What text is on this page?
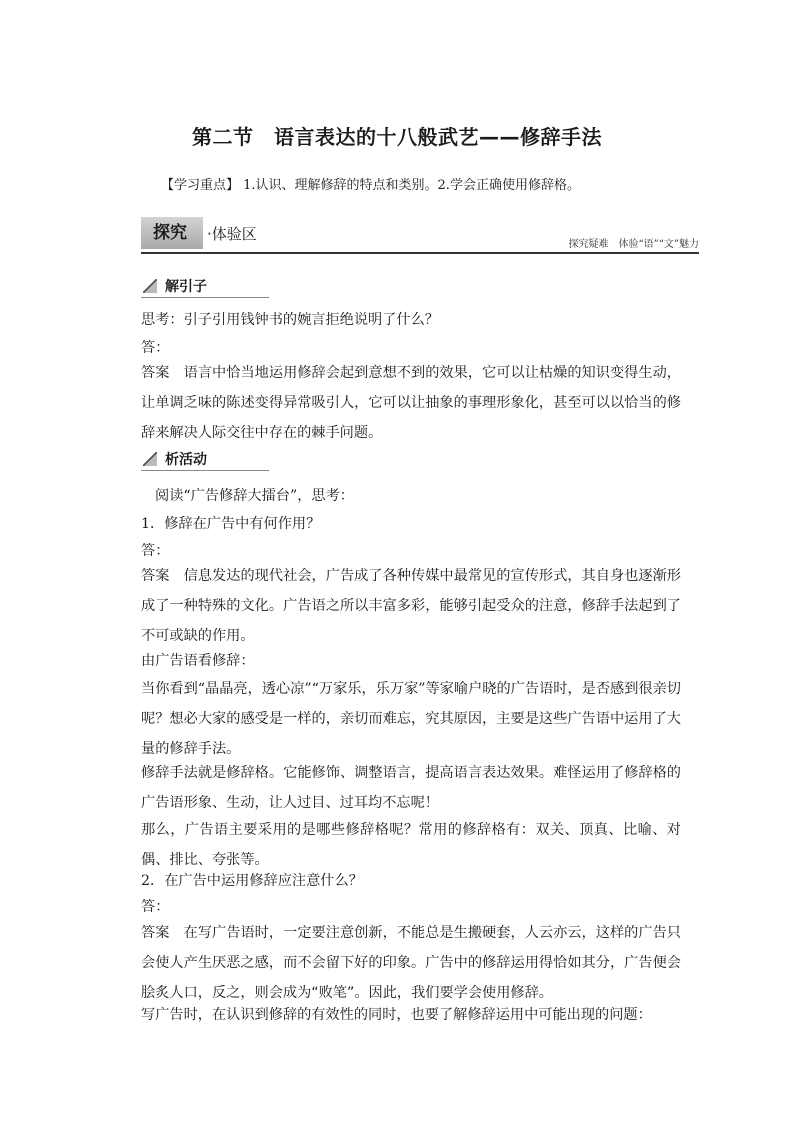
第二节　语言表达的十八般武艺——修辞手法
【学习重点】 1.认识、理解修辞的特点和类别。2.学会正确使用修辞格。
探究	·体验区
探究疑难　体验“语”“文”魅力
解引子
思考：引子引用钱钟书的婉言拒绝说明了什么？
答：
答案　语言中恰当地运用修辞会起到意想不到的效果，它可以让枯燥的知识变得生动，让单调乏味的陈述变得异常吸引人，它可以让抽象的事理形象化，甚至可以以恰当的修辞来解决人际交往中存在的棘手问题。
析活动
阅读“广告修辞大擂台”，思考：
1．修辞在广告中有何作用？
答：
答案　信息发达的现代社会，广告成了各种传媒中最常见的宣传形式，其自身也逐渐形成了一种特殊的文化。广告语之所以丰富多彩，能够引起受众的注意，修辞手法起到了不可或缺的作用。
由广告语看修辞：
当你看到“晶晶亮，透心凉”“万家乐，乐万家”等家喻户晓的广告语时，是否感到很亲切呢？想必大家的感受是一样的，亲切而难忘，究其原因，主要是这些广告语中运用了大量的修辞手法。
修辞手法就是修辞格。它能修饰、调整语言，提高语言表达效果。难怪运用了修辞格的广告语形象、生动，让人过目、过耳均不忘呢！
那么，广告语主要采用的是哪些修辞格呢？常用的修辞格有：双关、顶真、比喻、对偶、排比、夸张等。
2．在广告中运用修辞应注意什么？
答：
答案　在写广告语时，一定要注意创新，不能总是生搬硬套，人云亦云，这样的广告只会使人产生厌恶之感，而不会留下好的印象。广告中的修辞运用得恰如其分，广告便会脍炙人口，反之，则会成为“败笔”。因此，我们要学会使用修辞。
写广告时，在认识到修辞的有效性的同时，也要了解修辞运用中可能出现的问题：
